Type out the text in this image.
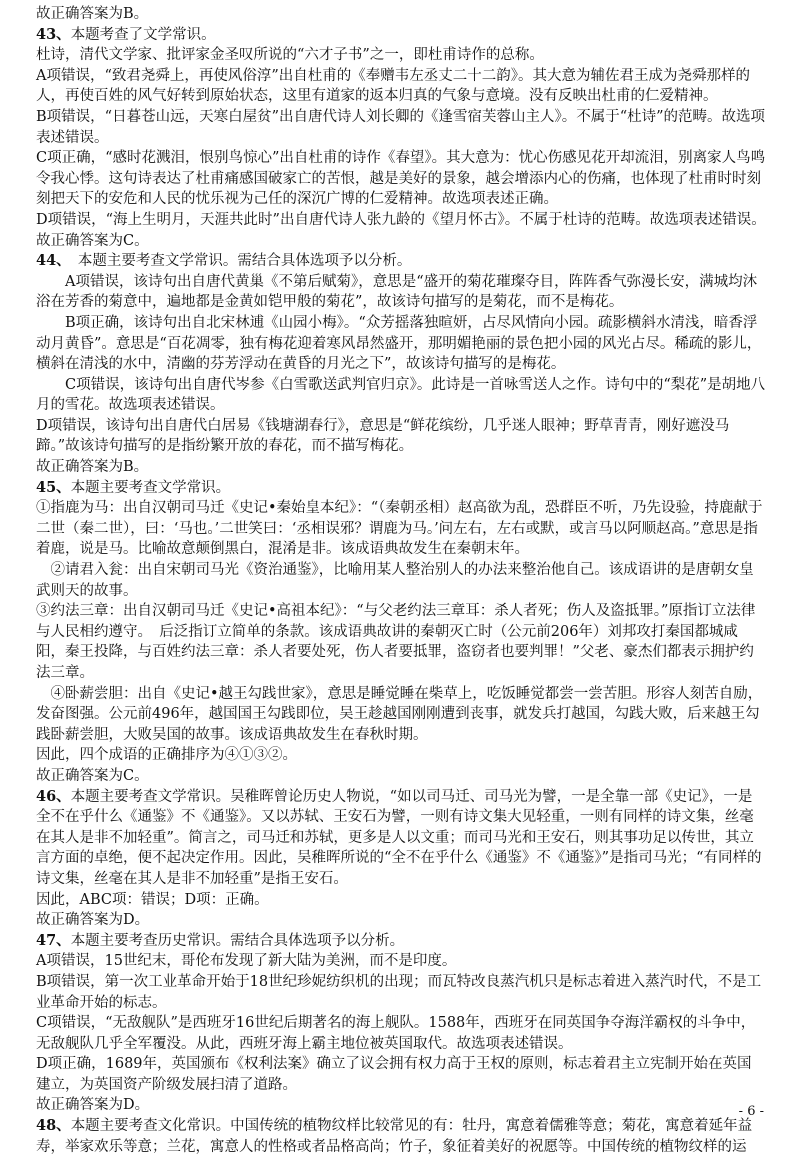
故正确答案为B。

43、本题考查了文学常识。

杜诗，清代文学家、批评家金圣叹所说的“六才子书”之一，即杜甫诗作的总称。

A项错误，“致君尧舜上，再使风俗淳”出自杜甫的《奉赠韦左丞丈二十二韵》。其大意为辅佐君王成为尧舜那样的人，再使百姓的风气好转到原始状态，这里有道家的返本归真的气象与意境。没有反映出杜甫的仁爱精神。

B项错误，“日暮苍山远，天寒白屋贫”出自唐代诗人刘长卿的《逢雪宿芙蓉山主人》。不属于“杜诗”的范畴。故选项表述错误。

C项正确，“感时花溅泪，恨别鸟惊心”出自杜甫的诗作《春望》。其大意为：忧心伤感见花开却流泪，别离家人鸟鸣令我心悸。这句诗表达了杜甫痛感国破家亡的苦恨，越是美好的景象，越会增添内心的伤痛，也体现了杜甫时时刻刻把天下的安危和人民的忧乐视为己任的深沉广博的仁爱精神。故选项表述正确。

D项错误，“海上生明月，天涯共此时”出自唐代诗人张九龄的《望月怀古》。不属于杜诗的范畴。故选项表述错误。

故正确答案为C。

44、　本题主要考查文学常识。需结合具体选项予以分析。

A项错误，该诗句出自唐代黄巢《不第后赋菊》，意思是“盛开的菊花璀璨夺目，阵阵香气弥漫长安，满城均沐浴在芳香的菊意中，遍地都是金黄如铠甲般的菊花”，故该诗句描写的是菊花，而不是梅花。

B项正确，该诗句出自北宋林逋《山园小梅》。“众芳摇落独暄妍，占尽风情向小园。疏影横斜水清浅，暗香浮动月黄昏”。意思是“百花凋零，独有梅花迎着寒风昂然盛开，那明媚艳丽的景色把小园的风光占尽。稀疏的影儿，横斜在清浅的水中，清幽的芬芳浮动在黄昏的月光之下”，故该诗句描写的是梅花。

C项错误，该诗句出自唐代岑参《白雪歌送武判官归京》。此诗是一首咏雪送人之作。诗句中的“梨花”是胡地八月的雪花。故选项表述错误。

D项错误，该诗句出自唐代白居易《钱塘湖春行》，意思是“鲜花缤纷，几乎迷人眼神；野草青青，刚好遮没马蹄。”故该诗句描写的是指纷繁开放的春花，而不描写梅花。

故正确答案为B。

45、本题主要考查文学常识。

①指鹿为马：出自汉朝司马迁《史记•秦始皇本纪》：“（秦朝丞相）赵高欲为乱，恐群臣不听，乃先设验，持鹿献于二世（秦二世），曰：‘马也。’二世笑曰：‘丞相误邪？谓鹿为马。’问左右，左右或默，或言马以阿顺赵高。”意思是指着鹿，说是马。比喻故意颠倒黑白，混淆是非。该成语典故发生在秦朝末年。

②请君入瓮：出自宋朝司马光《资治通鉴》，比喻用某人整治别人的办法来整治他自己。该成语讲的是唐朝女皇武则天的故事。

③约法三章：出自汉朝司马迁《史记•高祖本纪》：“与父老约法三章耳：杀人者死；伤人及盗抵罪。”原指订立法律与人民相约遵守。　后泛指订立简单的条款。该成语典故讲的秦朝灭亡时（公元前206年）刘邦攻打秦国都城咸阳，秦王投降，与百姓约法三章：杀人者要处死，伤人者要抵罪，盗窃者也要判罪！”父老、豪杰们都表示拥护约法三章。

④卧薪尝胆：出自《史记•越王勾践世家》，意思是睡觉睡在柴草上，吃饭睡觉都尝一尝苦胆。形容人刻苦自励，发奋图强。公元前496年，越国国王勾践即位，吴王趁越国刚刚遭到丧事，就发兵打越国，勾践大败，后来越王勾践卧薪尝胆，大败吴国的故事。该成语典故发生在春秋时期。

因此，四个成语的正确排序为④①③②。

故正确答案为C。

46、本题主要考查文学常识。吴稚晖曾论历史人物说，“如以司马迁、司马光为譬，一是全靠一部《史记》，一是全不在乎什么《通鉴》不《通鉴》。又以苏轼、王安石为譬，一则有诗文集大见轻重，一则有同样的诗文集，丝毫在其人是非不加轻重”。简言之，司马迁和苏轼，更多是人以文重；而司马光和王安石，则其事功足以传世，其立言方面的卓绝，便不起决定作用。因此，吴稚晖所说的“全不在乎什么《通鉴》不《通鉴》”是指司马光；“有同样的诗文集，丝毫在其人是非不加轻重”是指王安石。

因此，ABC项：错误；D项：正确。

故正确答案为D。

47、本题主要考查历史常识。需结合具体选项予以分析。

A项错误，15世纪末，哥伦布发现了新大陆为美洲，而不是印度。

B项错误，第一次工业革命开始于18世纪珍妮纺织机的出现；而瓦特改良蒸汽机只是标志着进入蒸汽时代，不是工业革命开始的标志。

C项错误，“无敌舰队”是西班牙16世纪后期著名的海上舰队。1588年，西班牙在同英国争夺海洋霸权的斗争中，无敌舰队几乎全军覆没。从此，西班牙海上霸主地位被英国取代。故选项表述错误。

D项正确，1689年，英国颁布《权利法案》确立了议会拥有权力高于王权的原则，标志着君主立宪制开始在英国建立，为英国资产阶级发展扫清了道路。

故正确答案为D。

48、本题主要考查文化常识。中国传统的植物纹样比较常见的有：牡丹，寓意着儒雅等意；菊花，寓意着延年益寿，举家欢乐等意；兰花，寓意人的性格或者品格高尚；竹子，象征着美好的祝愿等。中国传统的植物纹样的运

- 6 -
